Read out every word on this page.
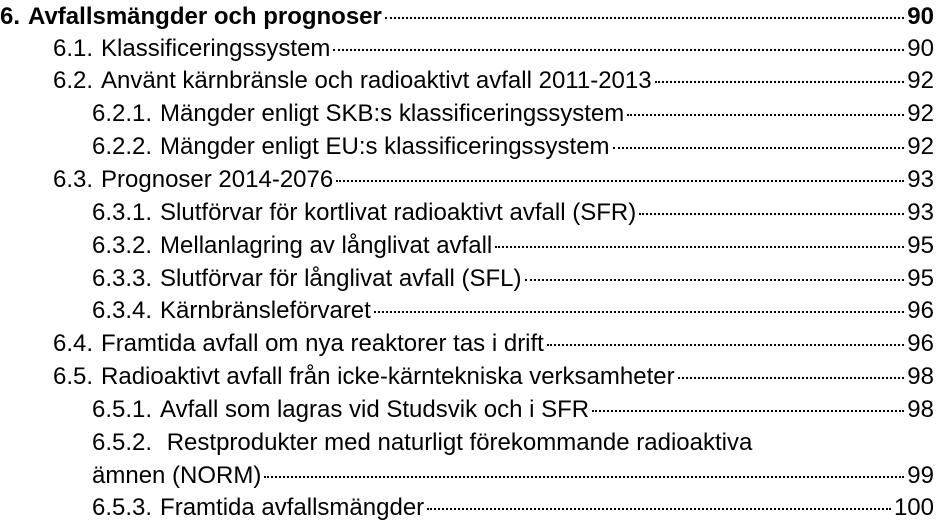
6. Avfallsmängder och prognoser	90
6.1. Klassificeringssystem	90
6.2. Använt kärnbränsle och radioaktivt avfall 2011-2013	92
6.2.1. Mängder enligt SKB:s klassificeringssystem	92
6.2.2. Mängder enligt EU:s klassificeringssystem	92
6.3. Prognoser 2014-2076	93
6.3.1. Slutförvar för kortlivat radioaktivt avfall (SFR)	93
6.3.2. Mellanlagring av långlivat avfall	95
6.3.3. Slutförvar för långlivat avfall (SFL)	95
6.3.4. Kärnbränsleförvaret	96
6.4. Framtida avfall om nya reaktorer tas i drift	96
6.5. Radioaktivt avfall från icke-kärntekniska verksamheter	98
6.5.1. Avfall som lagras vid Studsvik och i SFR	98
6.5.2. Restprodukter med naturligt förekommande radioaktiva
ämnen (NORM)	99
6.5.3. Framtida avfallsmängder	100
